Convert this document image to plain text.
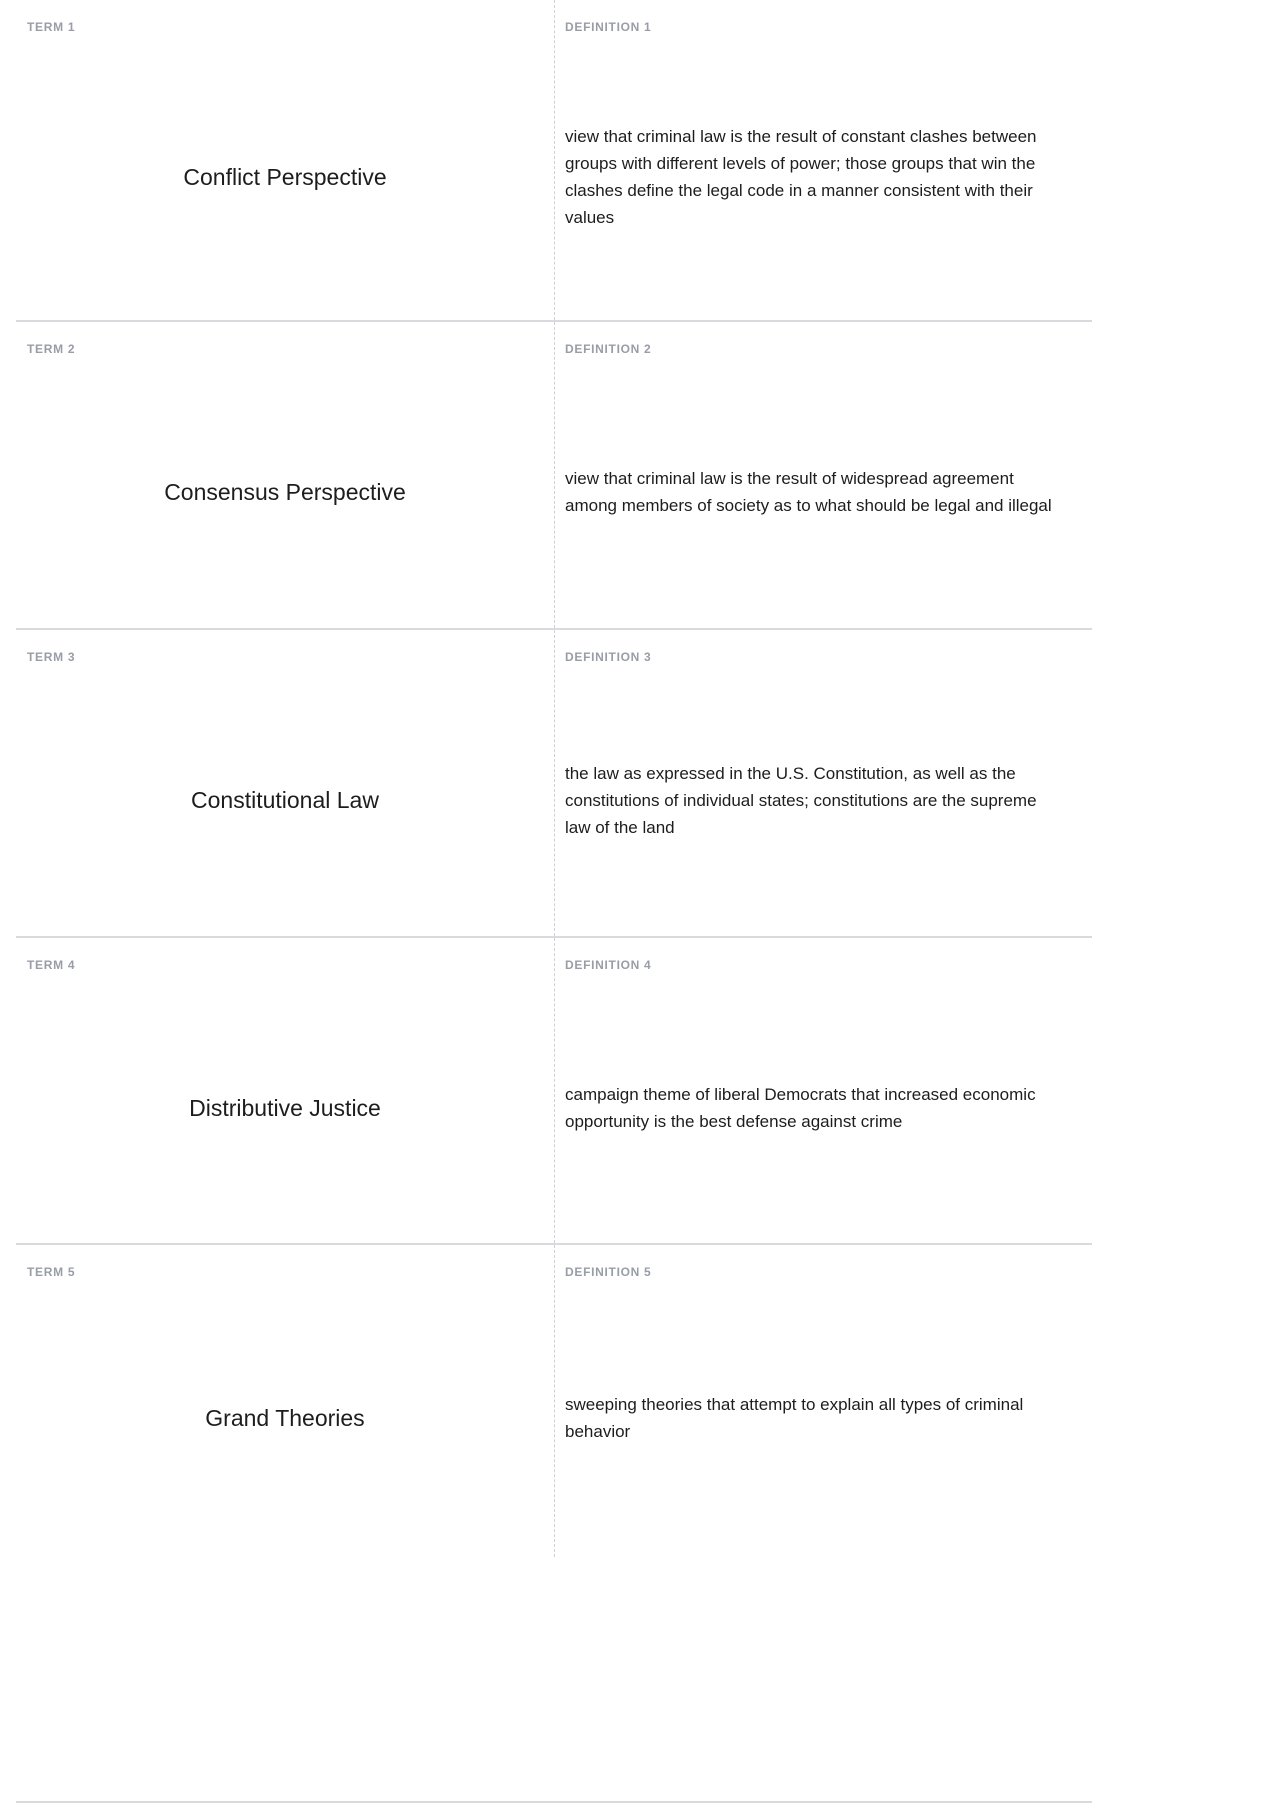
TERM 1
Conflict Perspective
DEFINITION 1
view that criminal law is the result of constant clashes between groups with different levels of power; those groups that win the clashes define the legal code in a manner consistent with their values
TERM 2
Consensus Perspective
DEFINITION 2
view that criminal law is the result of widespread agreement among members of society as to what should be legal and illegal
TERM 3
Constitutional Law
DEFINITION 3
the law as expressed in the U.S. Constitution, as well as the constitutions of individual states; constitutions are the supreme law of the land
TERM 4
Distributive Justice
DEFINITION 4
campaign theme of liberal Democrats that increased economic opportunity is the best defense against crime
TERM 5
Grand Theories
DEFINITION 5
sweeping theories that attempt to explain all types of criminal behavior
